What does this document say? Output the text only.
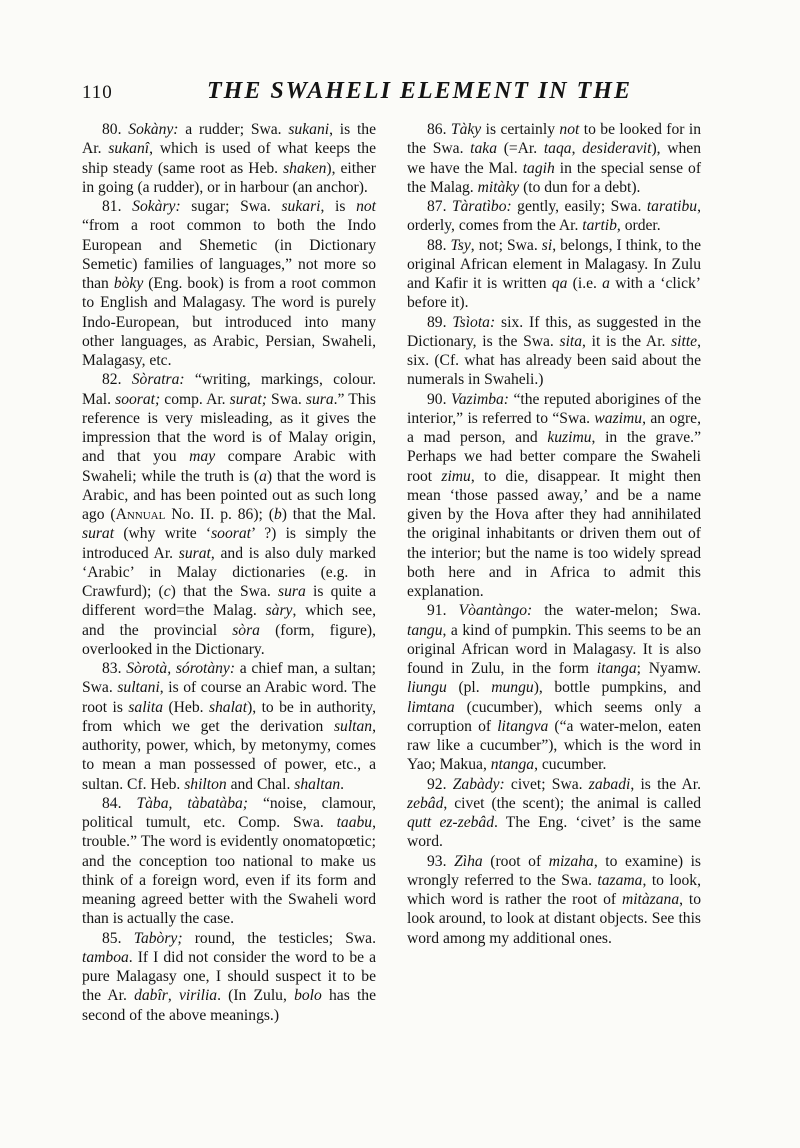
110	THE SWAHELI ELEMENT IN THE

80. Sokàny: a rudder; Swa. sukani, is the Ar. sukanî, which is used of what keeps the ship steady (same root as Heb. shaken), either in going (a rudder), or in harbour (an anchor).

81. Sokàry: sugar; Swa. sukari, is not “from a root common to both the Indo European and Shemetic (in Dictionary Semetic) families of languages,” not more so than bòky (Eng. book) is from a root common to English and Malagasy. The word is purely Indo-European, but introduced into many other languages, as Arabic, Persian, Swaheli, Malagasy, etc.

82. Sòratra: “writing, markings, colour. Mal. soorat; comp. Ar. surat; Swa. sura.” This reference is very misleading, as it gives the impression that the word is of Malay origin, and that you may compare Arabic with Swaheli; while the truth is (a) that the word is Arabic, and has been pointed out as such long ago (Annual No. II. p. 86); (b) that the Mal. surat (why write ‘soorat’ ?) is simply the introduced Ar. surat, and is also duly marked ‘Arabic’ in Malay dictionaries (e.g. in Crawfurd); (c) that the Swa. sura is quite a different word=the Malag. sàry, which see, and the provincial sòra (form, figure), overlooked in the Dictionary.

83. Sòrotà, sórotàny: a chief man, a sultan; Swa. sultani, is of course an Arabic word. The root is salita (Heb. shalat), to be in authority, from which we get the derivation sultan, authority, power, which, by metonymy, comes to mean a man possessed of power, etc., a sultan. Cf. Heb. shilton and Chal. shaltan.

84. Tàba, tàbatàba; “noise, clamour, political tumult, etc. Comp. Swa. taabu, trouble.” The word is evidently onomatopœtic; and the conception too national to make us think of a foreign word, even if its form and meaning agreed better with the Swaheli word than is actually the case.

85. Tabòry; round, the testicles; Swa. tamboa. If I did not consider the word to be a pure Malagasy one, I should suspect it to be the Ar. dabîr, virilia. (In Zulu, bolo has the second of the above meanings.)

86. Tàky is certainly not to be looked for in the Swa. taka (=Ar. taqa, desideravit), when we have the Mal. tagih in the special sense of the Malag. mitàky (to dun for a debt).

87. Tàratìbo: gently, easily; Swa. taratibu, orderly, comes from the Ar. tartib, order.

88. Tsy, not; Swa. si, belongs, I think, to the original African element in Malagasy. In Zulu and Kafir it is written qa (i.e. a with a ‘click’ before it).

89. Tsìota: six. If this, as suggested in the Dictionary, is the Swa. sita, it is the Ar. sitte, six. (Cf. what has already been said about the numerals in Swaheli.)

90. Vazimba: “the reputed aborigines of the interior,” is referred to “Swa. wazimu, an ogre, a mad person, and kuzimu, in the grave.” Perhaps we had better compare the Swaheli root zimu, to die, disappear. It might then mean ‘those passed away,’ and be a name given by the Hova after they had annihilated the original inhabitants or driven them out of the interior; but the name is too widely spread both here and in Africa to admit this explanation.

91. Vòantàngo: the water-melon; Swa. tangu, a kind of pumpkin. This seems to be an original African word in Malagasy. It is also found in Zulu, in the form itanga; Nyamw. liungu (pl. mungu), bottle pumpkins, and limtana (cucumber), which seems only a corruption of litangva (“a water-melon, eaten raw like a cucumber”), which is the word in Yao; Makua, ntanga, cucumber.

92. Zabàdy: civet; Swa. zabadi, is the Ar. zebâd, civet (the scent); the animal is called qutt ez-zebâd. The Eng. ‘civet’ is the same word.

93. Zìha (root of mizaha, to examine) is wrongly referred to the Swa. tazama, to look, which word is rather the root of mitàzana, to look around, to look at distant objects. See this word among my additional ones.
